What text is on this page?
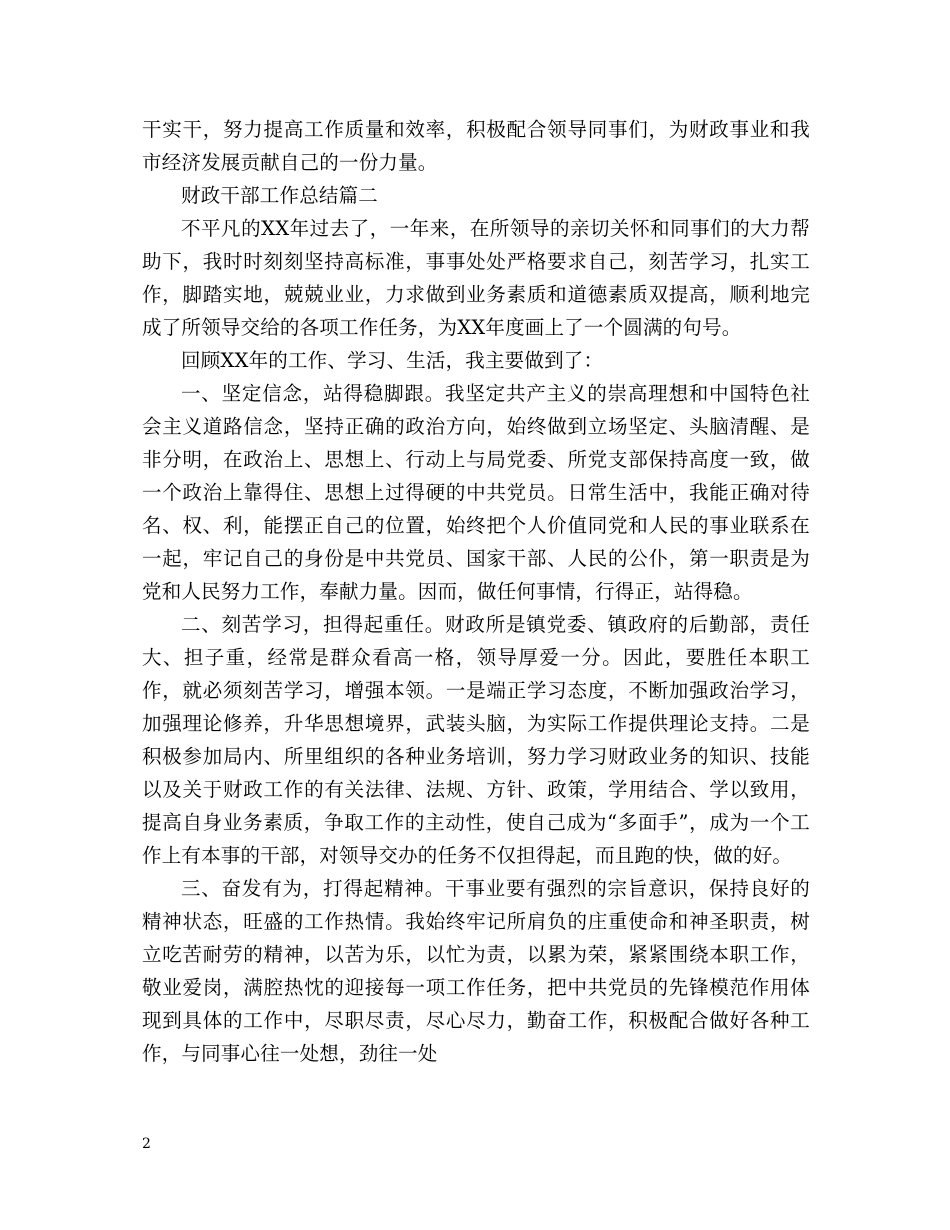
干实干，努力提高工作质量和效率，积极配合领导同事们，为财政事业和我市经济发展贡献自己的一份力量。

财政干部工作总结篇二

不平凡的XX年过去了，一年来，在所领导的亲切关怀和同事们的大力帮助下，我时时刻刻坚持高标准，事事处处严格要求自己，刻苦学习，扎实工作，脚踏实地，兢兢业业，力求做到业务素质和道德素质双提高，顺利地完成了所领导交给的各项工作任务，为XX年度画上了一个圆满的句号。

回顾XX年的工作、学习、生活，我主要做到了：

一、坚定信念，站得稳脚跟。我坚定共产主义的崇高理想和中国特色社会主义道路信念，坚持正确的政治方向，始终做到立场坚定、头脑清醒、是非分明，在政治上、思想上、行动上与局党委、所党支部保持高度一致，做一个政治上靠得住、思想上过得硬的中共党员。日常生活中，我能正确对待名、权、利，能摆正自己的位置，始终把个人价值同党和人民的事业联系在一起，牢记自己的身份是中共党员、国家干部、人民的公仆，第一职责是为党和人民努力工作，奉献力量。因而，做任何事情，行得正，站得稳。

二、刻苦学习，担得起重任。财政所是镇党委、镇政府的后勤部，责任大、担子重，经常是群众看高一格，领导厚爱一分。因此，要胜任本职工作，就必须刻苦学习，增强本领。一是端正学习态度，不断加强政治学习，加强理论修养，升华思想境界，武装头脑，为实际工作提供理论支持。二是积极参加局内、所里组织的各种业务培训，努力学习财政业务的知识、技能以及关于财政工作的有关法律、法规、方针、政策，学用结合、学以致用，提高自身业务素质，争取工作的主动性，使自己成为“多面手”，成为一个工作上有本事的干部，对领导交办的任务不仅担得起，而且跑的快，做的好。

三、奋发有为，打得起精神。干事业要有强烈的宗旨意识，保持良好的精神状态，旺盛的工作热情。我始终牢记所肩负的庄重使命和神圣职责，树立吃苦耐劳的精神，以苦为乐，以忙为责，以累为荣，紧紧围绕本职工作，敬业爱岗，满腔热忱的迎接每一项工作任务，把中共党员的先锋模范作用体现到具体的工作中，尽职尽责，尽心尽力，勤奋工作，积极配合做好各种工作，与同事心往一处想，劲往一处

2
